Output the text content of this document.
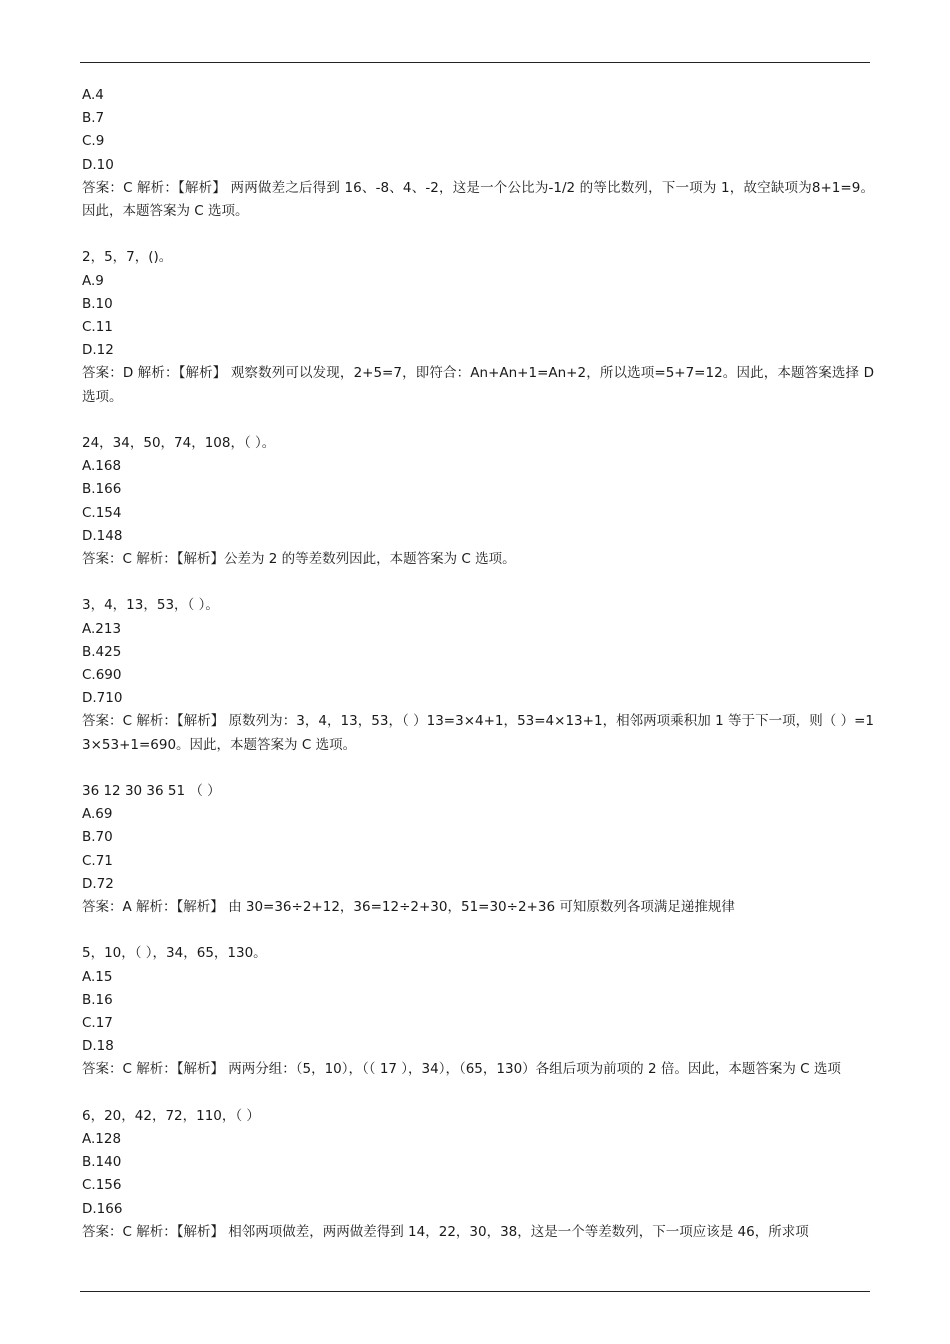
A.4
B.7
C.9
D.10
答案：C 解析：【解析】 两两做差之后得到 16、-8、4、-2，这是一个公比为-1/2 的等比数列，下一项为 1，故空缺项为8+1=9。因此，本题答案为 C 选项。
2，5，7，()。
A.9
B.10
C.11
D.12
答案：D 解析：【解析】 观察数列可以发现，2+5=7，即符合：An+An+1=An+2，所以选项=5+7=12。因此，本题答案选择 D 选项。
24，34，50，74，108，（ ）。
A.168
B.166
C.154
D.148
答案：C 解析：【解析】公差为 2 的等差数列因此，本题答案为 C 选项。
3，4，13，53，（ ）。
A.213
B.425
C.690
D.710
答案：C 解析：【解析】 原数列为：3，4，13，53，（ ）13=3×4+1，53=4×13+1，相邻两项乘积加 1 等于下一项，则（ ）=13×53+1=690。因此，本题答案为 C 选项。
36 12 30 36 51 （ ）
A.69
B.70
C.71
D.72
答案：A 解析：【解析】 由 30=36÷2+12，36=12÷2+30，51=30÷2+36 可知原数列各项满足递推规律
5，10，（ ），34，65，130。
A.15
B.16
C.17
D.18
答案：C 解析：【解析】 两两分组：（5，10），（（ 17 ），34），（65，130）各组后项为前项的 2 倍。因此，本题答案为 C 选项
6，20，42，72，110，（ ）
A.128
B.140
C.156
D.166
答案：C 解析：【解析】 相邻两项做差，两两做差得到 14，22，30，38，这是一个等差数列，下一项应该是 46，所求项
